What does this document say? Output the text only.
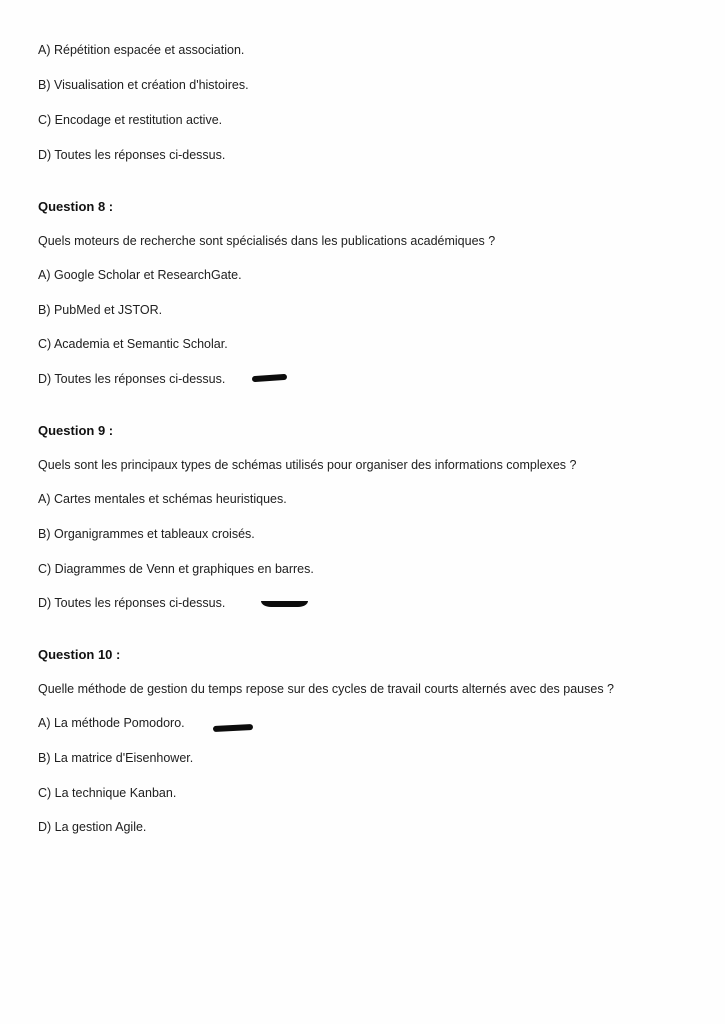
A) Répétition espacée et association.
B) Visualisation et création d'histoires.
C) Encodage et restitution active.
D) Toutes les réponses ci-dessus.
Question 8 :
Quels moteurs de recherche sont spécialisés dans les publications académiques ?
A) Google Scholar et ResearchGate.
B) PubMed et JSTOR.
C) Academia et Semantic Scholar.
D) Toutes les réponses ci-dessus.
Question 9 :
Quels sont les principaux types de schémas utilisés pour organiser des informations complexes ?
A) Cartes mentales et schémas heuristiques.
B) Organigrammes et tableaux croisés.
C) Diagrammes de Venn et graphiques en barres.
D) Toutes les réponses ci-dessus.
Question 10 :
Quelle méthode de gestion du temps repose sur des cycles de travail courts alternés avec des pauses ?
A) La méthode Pomodoro.
B) La matrice d'Eisenhower.
C) La technique Kanban.
D) La gestion Agile.
